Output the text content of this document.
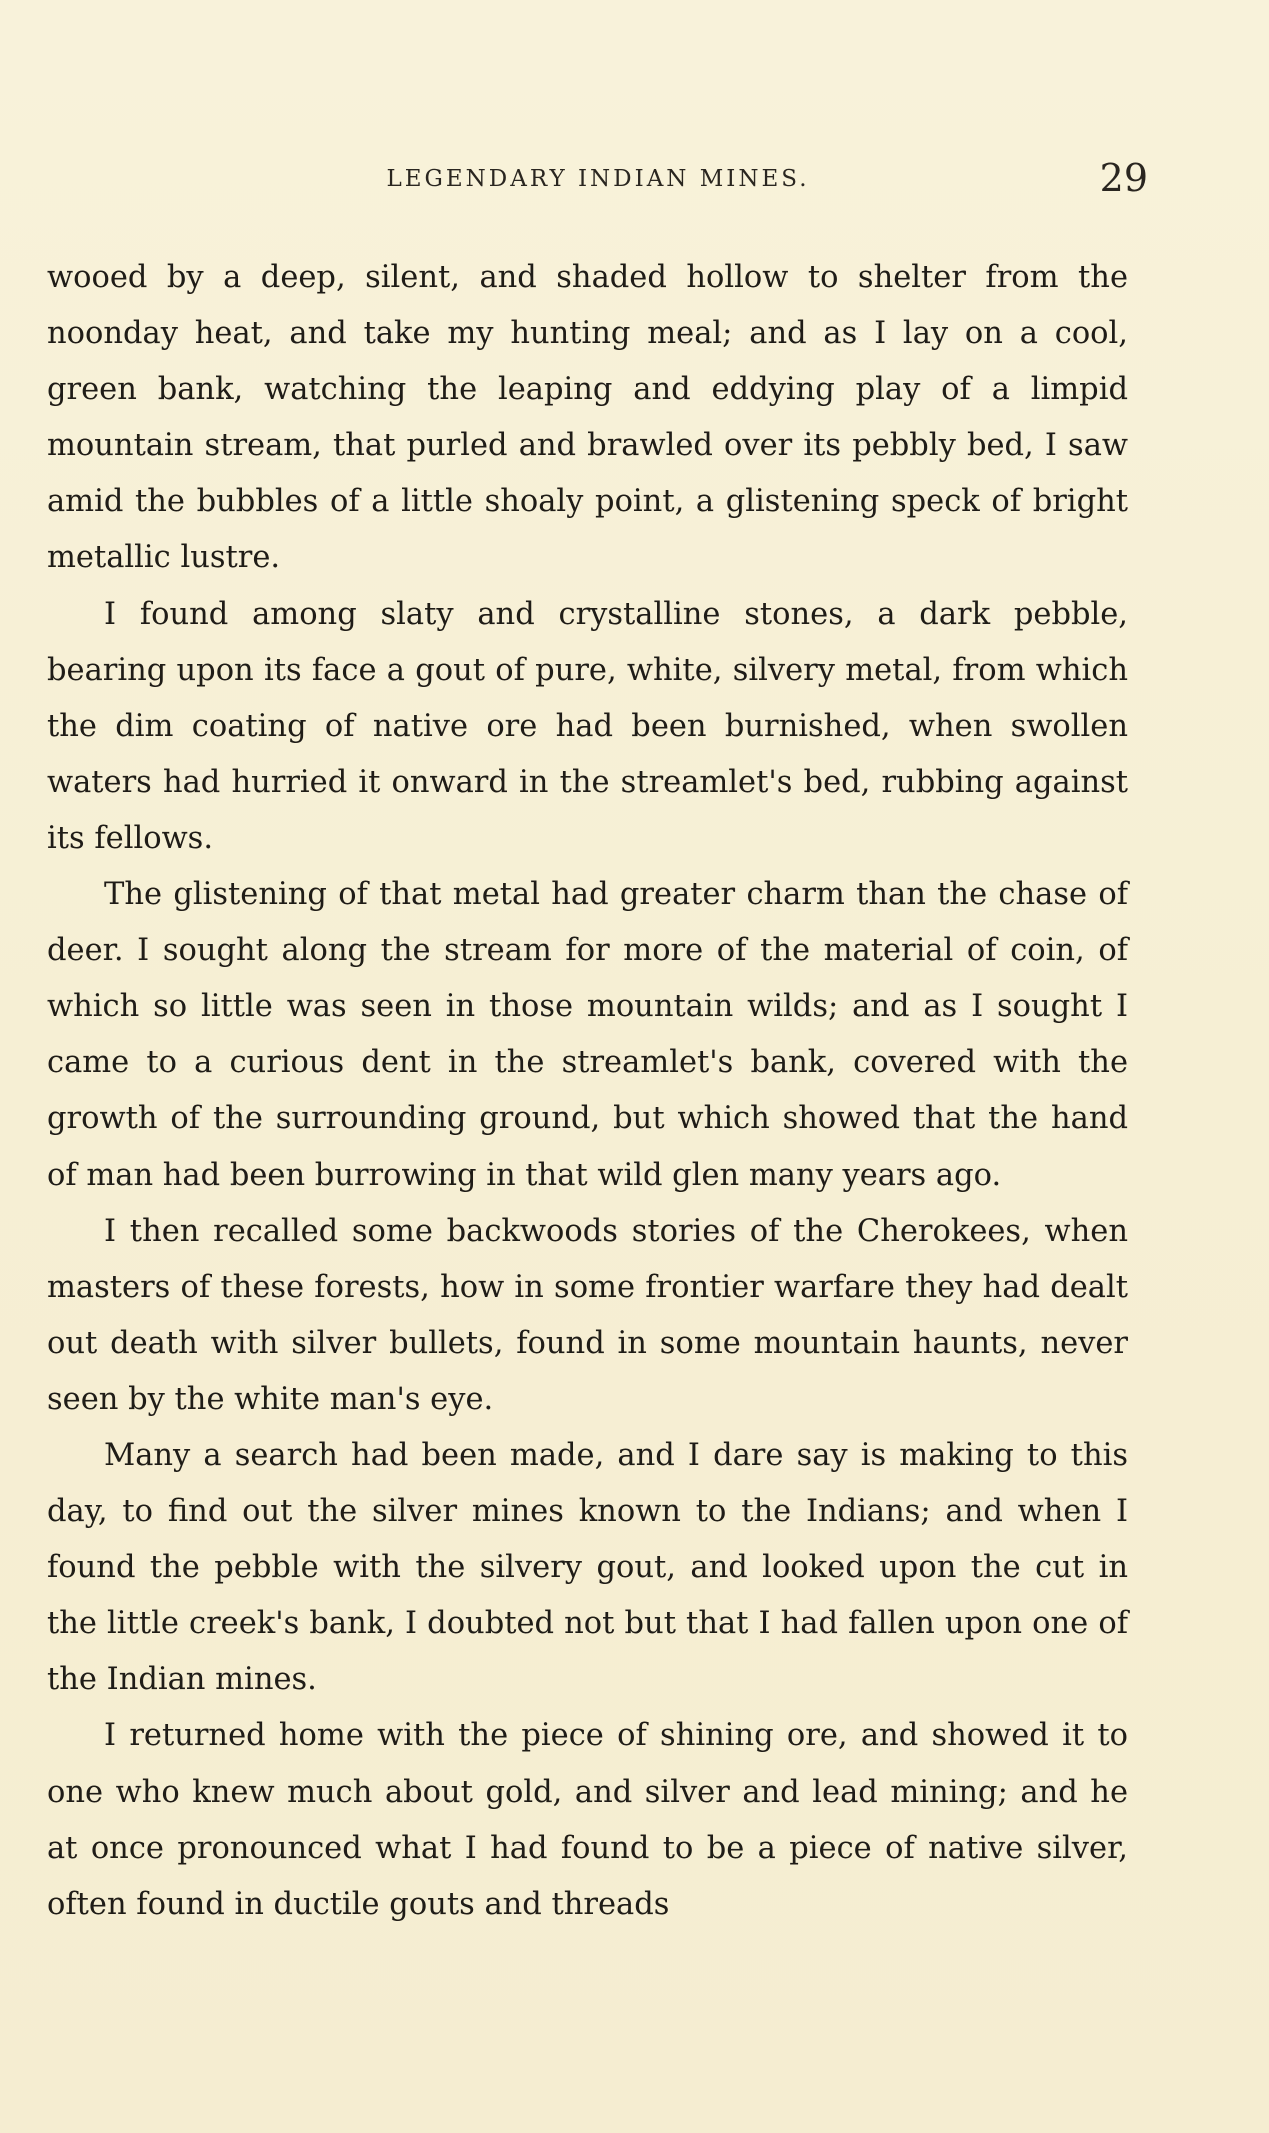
LEGENDARY INDIAN MINES.	29

wooed by a deep, silent, and shaded hollow to shelter from the noonday heat, and take my hunting meal; and as I lay on a cool, green bank, watching the leaping and eddying play of a limpid mountain stream, that purled and brawled over its pebbly bed, I saw amid the bubbles of a little shoaly point, a glistening speck of bright metallic lustre.

I found among slaty and crystalline stones, a dark pebble, bearing upon its face a gout of pure, white, silvery metal, from which the dim coating of native ore had been burnished, when swollen waters had hurried it onward in the streamlet's bed, rubbing against its fellows.

The glistening of that metal had greater charm than the chase of deer. I sought along the stream for more of the material of coin, of which so little was seen in those mountain wilds; and as I sought I came to a curious dent in the streamlet's bank, covered with the growth of the surrounding ground, but which showed that the hand of man had been burrowing in that wild glen many years ago.

I then recalled some backwoods stories of the Cherokees, when masters of these forests, how in some frontier warfare they had dealt out death with silver bullets, found in some mountain haunts, never seen by the white man's eye.

Many a search had been made, and I dare say is making to this day, to find out the silver mines known to the Indians; and when I found the pebble with the silvery gout, and looked upon the cut in the little creek's bank, I doubted not but that I had fallen upon one of the Indian mines.

I returned home with the piece of shining ore, and showed it to one who knew much about gold, and silver and lead mining; and he at once pronounced what I had found to be a piece of native silver, often found in ductile gouts and threads
